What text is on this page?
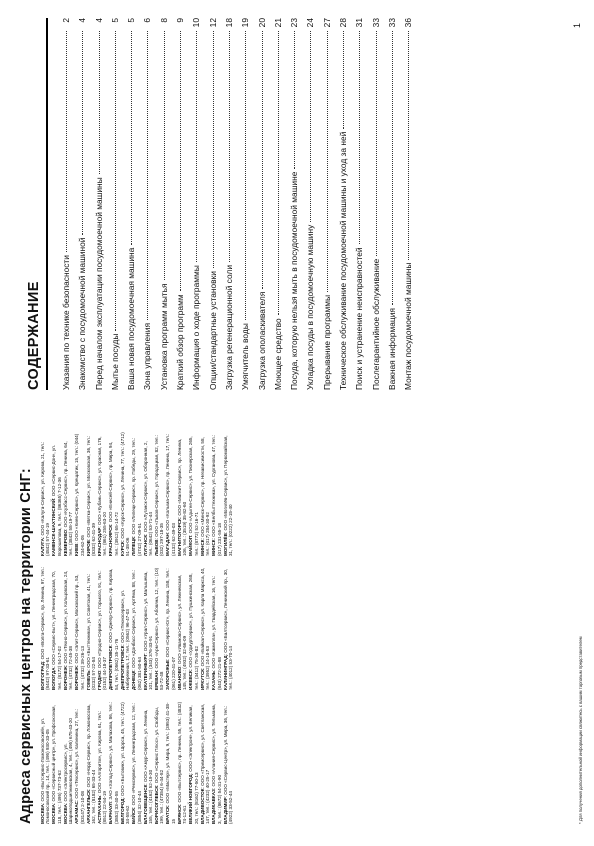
Адреса сервисных центров на территории СНГ: МОСКВА: ООО «Бытсервис-Ломоносовский», ул. Ломоносовский пр., 14, тел.: (495) 930-33-05 МОСКВА: ООО «Сервисный центр», ул. Профсоюзная, 118, тел.: (495) 737-73-62 МОСКВА: ООО «Электросервис», ул. Шарикоподшипниковская, 4, тел.: (495) 675-43-20 АРЗАМАС: ООО «Техсервис», ул. Калинина, 27, тел.: (83147) 2-10-08 АРХАНГЕЛЬСК: ООО «Норд-Сервис», пр. Ломоносова, 162, тел.: (8182) 65-33-44 АСТРАХАНЬ: ООО «Алгоритм», ул. Кирова, 61, тел.: (8512) 22-54-19 БАРНАУЛ: ЗАО «Холод-Сервис», ул. Малахова, 86, тел.: (3852) 33-40-55 БЕЛГОРОД: ООО «Бытовик», ул. Щорса, 45, тел.: (4722) 34-58-62 БИЙСК: ООО «Ремсервис», ул. Ленинградская, 12, тел.: (3854) 32-10-44 БЛАГОВЕЩЕНСК: ООО «Амур-Сервис», ул. Ленина, 155, тел.: (4162) 52-19-30 БОРИСОГЛЕБСК: ООО «Сервис Плюс», ул. Свободы, 199, тел.: (47354) 6-44-82 БРАТСК: ООО «Мастер», ул. Мира, 9, тел.: (3953) 41-38-15 БРЯНСК: ООО «Бытсервис», пр. Ленина, 55, тел.: (4832) 74-12-61 ВЕЛИКИЙ НОВГОРОД: ООО «Электрон», ул. Великая, 20, тел.: (8162) 77-50-13 ВЛАДИВОСТОК: ООО «Примсервис», ул. Светланская, 147, тел.: (4232) 40-25-17 ВЛАДИКАВКАЗ: ООО «Алания-Сервис», ул. Тельмана, 3, тел.: (8672) 54-31-90 ВЛАДИМИР: ООО «Сервис-Центр», ул. Мира, 36, тел.: (4922) 33-52-44

ВОЛГОГРАД: ООО «Волга-Сервис», пр. Ленина, 97, тел.: (8442) 97-33-61 ВОЛОГДА: ООО «Сервис-Быт», ул. Ленинградская, 70, тел.: (8172) 54-17-02 ВОРОНЕЖ: ООО «Техно-Сервис», ул. Кольцовская, 24, тел.: (4732) 72-45-38 ВОРОНЕЖ: ООО «Элит-Сервис», Московский пр., 53, тел.: (4732) 39-26-13 ГОМЕЛЬ: ООО «Быттехника», ул. Советская, 41, тел.: (0232) 57-22-84 ГРОДНО: ООО «Гродно-Сервис», ул. Горького, 91, тел.: (0152) 44-18-37 ДНЕПРОПЕТРОВСК: ООО «Днепр-Сервис», пр. Кирова, 54, тел.: (0562) 35-11-76 ДНЕПРОПЕТРОВСК: ООО «Техносервис», ул. Набережная, 17, тел.: (0562) 96-47-03 ДОНЕЦК: ООО «Донбасс-Сервис», ул. Артёма, 88, тел.: (062) 381-50-64 ЕКАТЕРИНБУРГ: ООО «Урал-Сервис», ул. Малышева, 101, тел.: (343) 376-33-91 ЕРЕВАН: ООО «Арм-Сервис», ул. Абовяна, 12, тел.: (10) 53-72-48 ЗАПОРОЖЬЕ: ООО «Сервис-Юг», пр. Ленина, 158, тел.: (061) 220-41-07 ИВАНОВО: ООО «Иваново-Сервис», ул. Лежневская, 145, тел.: (4932) 32-66-09 ИЖЕВСК: ООО «Удмуртсервис», ул. Пушкинская, 268, тел.: (3412) 75-35-82 ИРКУТСК: ООО «Байкал-Сервис», ул. Карла Маркса, 40, тел.: (3952) 24-18-53 КАЗАНЬ: ООО «Камилла», ул. Гвардейская, 16, тел.: (843) 272-21-88 КАЛИНИНГРАД: ООО «Балтсервис», Ленинский пр., 30, тел.: (4012) 53-70-14

КАЛУГА: ООО «Калуга-Сервис», ул. Кирова, 21, тел.: (4842) 57-44-19 КАМЕНСК-ШАХТИНСКИЙ: ООО «Сервис-Дон», ул. Ворошилова, 9, тел.: (86365) 7-12-36 КЕМЕРОВО: ООО «Кузбасс-Сервис», пр. Ленина, 64, тел.: (3842) 58-19-77 КИЕВ: ООО «Киев-Сервис», ул. Крещатик, 15, тел.: (044) 234-62-05 КИРОВ: ООО «Вятка-Сервис», ул. Московская, 36, тел.: (8332) 62-41-39 КРАСНОДАР: ООО «Кубань-Сервис», ул. Красная, 176, тел.: (861) 255-63-20 КРАСНОЯРСК: ООО «Енисей-Сервис», пр. Мира, 94, тел.: (3912) 65-14-72 КУРСК: ООО «Курск-Сервис», ул. Ленина, 77, тел.: (4712) 51-38-06 ЛИПЕЦК: ООО «Липецк-Сервис», пр. Победы, 29, тел.: (4742) 27-09-51 ЛУГАНСК: ООО «Луганск-Сервис», ул. Оборонная, 2, тел.: (0642) 53-71-44 ЛЬВОВ: ООО «Львов-Сервис», ул. Городоцкая, 82, тел.: (032) 297-18-35 МАГАДАН: ООО «Колыма-Сервис», пр. Ленина, 17, тел.: (4132) 62-49-03 МАГНИТОГОРСК: ООО «Магнит-Сервис», пр. Ленина, 106, тел.: (3519) 35-82-60 МАЙКОП: ООО «Адыгея-Сервис», ул. Пионерская, 265, тел.: (8772) 52-16-71 МИНСК: ООО «Минск-Сервис», пр. Независимости, 58, тел.: (017) 284-30-92 МИНСК: ООО «Белбыттехника», ул. Сурганова, 47, тел.: (017) 231-55-18 МОГИЛЁВ: ООО «Могилёв-Сервис», ул. Первомайская, 31, тел.: (0222) 22-15-40

* Для получения дополнительной информации свяжитесь с вашим торговым представителем
СОДЕРЖАНИЕ	Указания по технике безопасности
2
Знакомство с посудомоечной машиной
4
Перед началом эксплуатации посудомоечной машины
4
Мытье посуды
5
Ваша новая посудомоечная машина
5
Зона управления
6
Установка программ мытья
8
Краткий обзор программ
9
Информация о ходе программы
10
Опции/стандартные установки
12
Загрузка регенерационной соли
18
Умягчитель воды
19
Загрузка ополаскивателя
20
Моющее средство
21
Посуда, которую нельзя мыть в посудомоечной машине
23
Укладка посуды в посудомоечную машину
24
Прерывание программы
27
Техническое обслуживание посудомоечной машины и уход за ней
28
Поиск и устранение неисправностей
31
Послегарантийное обслуживание
33
Важная информация
33
Монтаж посудомоечной машины
36	1
